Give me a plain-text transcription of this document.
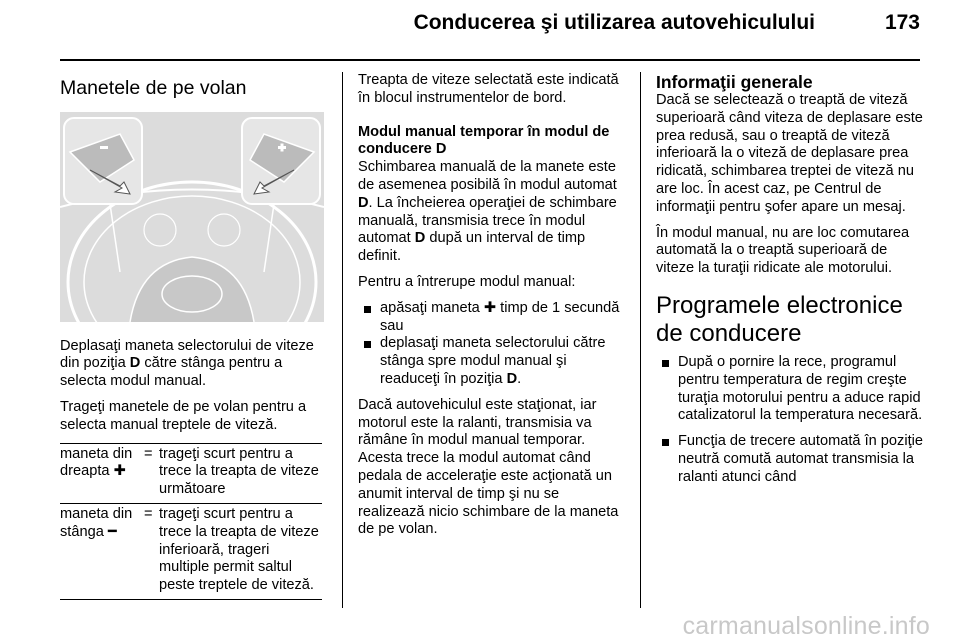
Conducerea şi utilizarea autovehiculului	173
Manetele de pe volan

Deplasaţi maneta selectorului de viteze din poziţia D către stânga pentru a selecta modul manual.

Trageţi manetele de pe volan pentru a selecta manual treptele de viteză.

maneta din dreapta ✚
= trageţi scurt pentru a trece la treapta de viteze următoare
maneta din stânga ━
= trageţi scurt pentru a trece la treapta de viteze inferioară, trageri multiple permit saltul peste treptele de viteză.

Treapta de viteze selectată este indicată în blocul instrumentelor de bord.

Modul manual temporar în modul de conducere D

Schimbarea manuală de la manete este de asemenea posibilă în modul automat D. La încheierea operaţiei de schimbare manuală, transmisia trece în modul automat D după un interval de timp definit.

Pentru a întrerupe modul manual:

apăsaţi maneta ✚ timp de 1 secundă sau
deplasaţi maneta selectorului către stânga spre modul manual şi readuceţi în poziţia D.

Dacă autovehiculul este staţionat, iar motorul este la ralanti, transmisia va rămâne în modul manual temporar. Acesta trece la modul automat când pedala de acceleraţie este acţionată un anumit interval de timp şi nu se realizează nicio schimbare de la maneta de pe volan.

Informaţii generale

Dacă se selectează o treaptă de viteză superioară când viteza de deplasare este prea redusă, sau o treaptă de viteză inferioară la o viteză de deplasare prea ridicată, schimbarea treptei de viteză nu are loc. În acest caz, pe Centrul de informaţii pentru şofer apare un mesaj.

În modul manual, nu are loc comutarea automată la o treaptă superioară de viteze la turaţii ridicate ale motorului.

Programele electronice de conducere
După o pornire la rece, programul pentru temperatura de regim creşte turaţia motorului pentru a aduce rapid catalizatorul la temperatura necesară.
Funcţia de trecere automată în poziţie neutră comută automat transmisia la ralanti atunci când
carmanualsonline.info
